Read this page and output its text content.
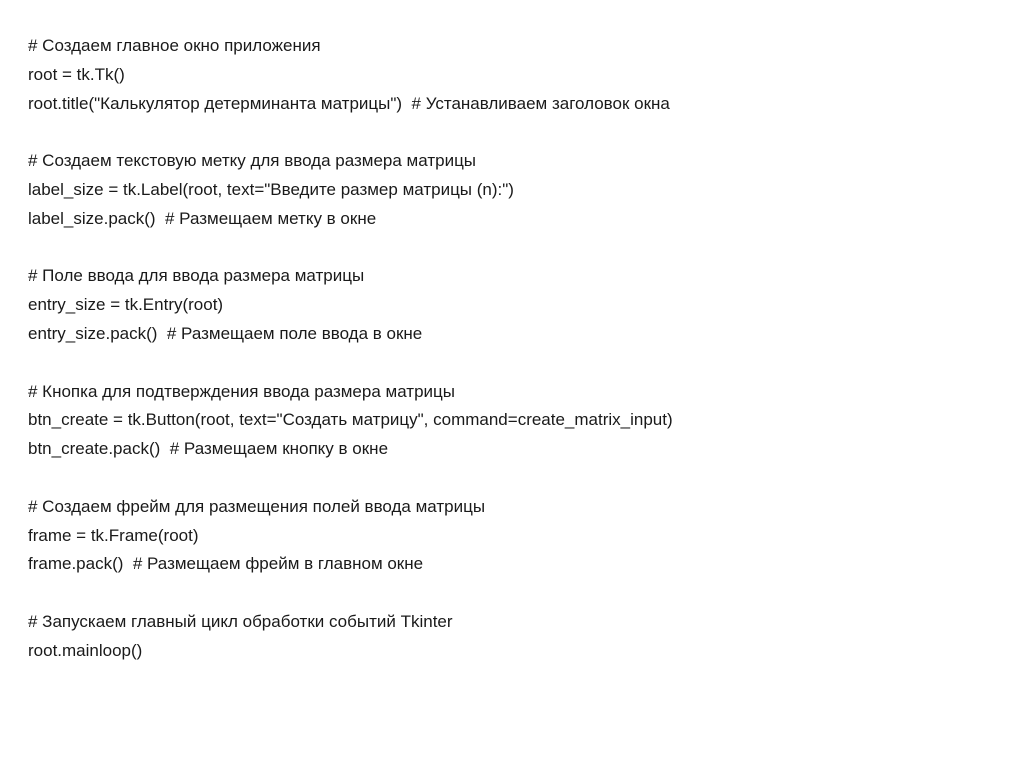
# Создаем главное окно приложения
root = tk.Tk()
root.title("Калькулятор детерминанта матрицы")  # Устанавливаем заголовок окна
# Создаем текстовую метку для ввода размера матрицы
label_size = tk.Label(root, text="Введите размер матрицы (n):")
label_size.pack()  # Размещаем метку в окне
# Поле ввода для ввода размера матрицы
entry_size = tk.Entry(root)
entry_size.pack()  # Размещаем поле ввода в окне
# Кнопка для подтверждения ввода размера матрицы
btn_create = tk.Button(root, text="Создать матрицу", command=create_matrix_input)
btn_create.pack()  # Размещаем кнопку в окне
# Создаем фрейм для размещения полей ввода матрицы
frame = tk.Frame(root)
frame.pack()  # Размещаем фрейм в главном окне
# Запускаем главный цикл обработки событий Tkinter
root.mainloop()
